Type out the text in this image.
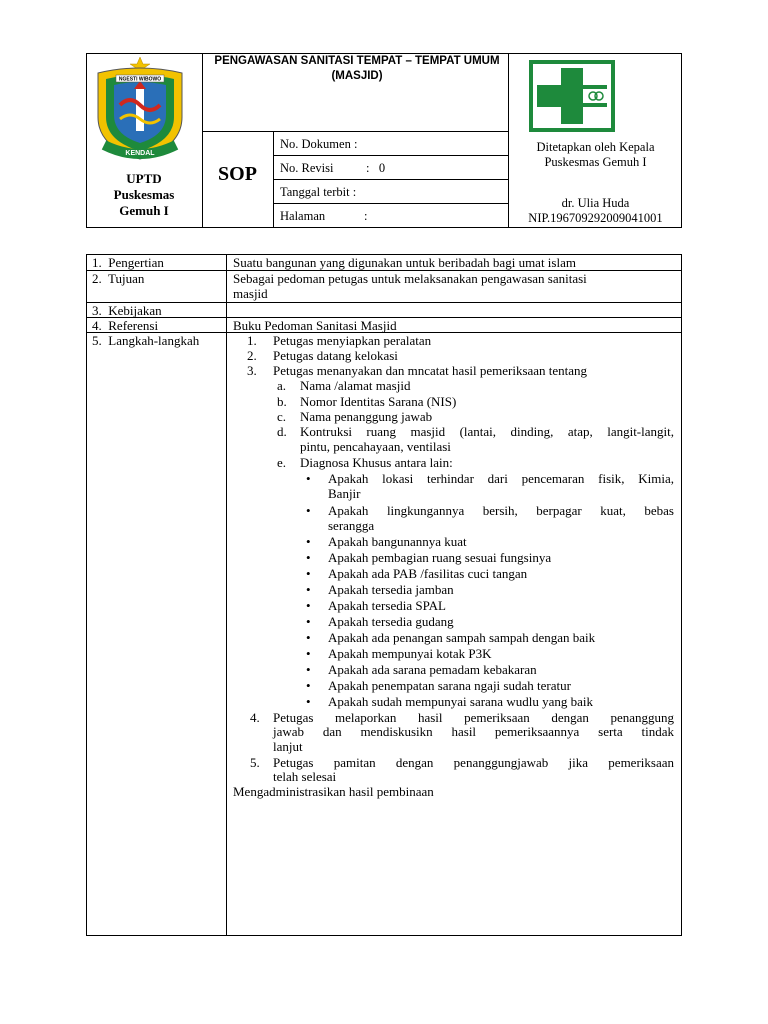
NGESTI WIBOWO
KENDAL
UPTD
Puskesmas
Gemuh I
PENGAWASAN SANITASI TEMPAT – TEMPAT UMUM (MASJID)
SOP
No. Dokumen :
No. Revisi	:   0
Tanggal terbit :
Halaman	:
Ditetapkan oleh Kepala
Puskesmas Gemuh I
dr. Ulia Huda
NIP.196709292009041001
1.  Pengertian
2.  Tujuan
3.  Kebijakan
4.  Referensi
5.  Langkah-langkah
Suatu bangunan yang digunakan untuk beribadah bagi umat islam
Sebagai pedoman petugas untuk melaksanakan pengawasan sanitasi
masjid
Buku Pedoman Sanitasi Masjid
1. Petugas menyiapkan peralatan
2. Petugas datang kelokasi
3. Petugas menanyakan dan mncatat hasil pemeriksaan tentang
a. Nama /alamat masjid
b. Nomor Identitas Sarana (NIS)
c. Nama penanggung jawab
d. Kontruksi ruang masjid (lantai, dinding, atap, langit-langit,
pintu, pencahayaan, ventilasi
e. Diagnosa Khusus antara lain:
• Apakah lokasi terhindar dari pencemaran fisik, Kimia,
Banjir
• Apakah lingkungannya bersih, berpagar kuat, bebas
serangga
• Apakah bangunannya kuat
• Apakah pembagian ruang sesuai fungsinya
• Apakah ada PAB /fasilitas cuci tangan
• Apakah tersedia jamban
• Apakah tersedia SPAL
• Apakah tersedia gudang
• Apakah ada penangan sampah sampah dengan baik
• Apakah mempunyai kotak P3K
• Apakah ada sarana pemadam kebakaran
• Apakah penempatan sarana ngaji sudah teratur
• Apakah sudah mempunyai sarana wudlu yang baik
4. Petugas melaporkan hasil pemeriksaan dengan penanggung
jawab dan mendiskusikn hasil pemeriksaannya serta tindak
lanjut
5. Petugas pamitan dengan penanggungjawab jika pemeriksaan
telah selesai
Mengadministrasikan hasil pembinaan
